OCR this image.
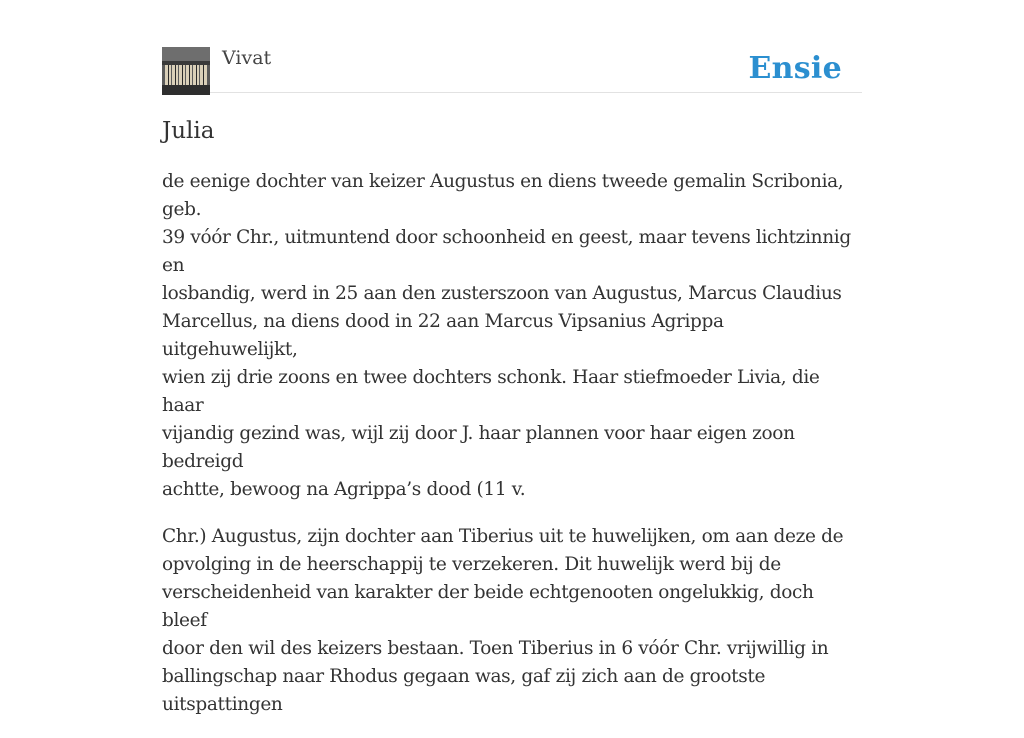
Vivat	Ensie
Julia

de eenige dochter van keizer Augustus en diens tweede gemalin Scribonia, geb.
39 vóór Chr., uitmuntend door schoonheid en geest, maar tevens lichtzinnig en
losbandig, werd in 25 aan den zusterszoon van Augustus, Marcus Claudius
Marcellus, na diens dood in 22 aan Marcus Vipsanius Agrippa uitgehuwelijkt,
wien zij drie zoons en twee dochters schonk. Haar stiefmoeder Livia, die haar
vijandig gezind was, wijl zij door J. haar plannen voor haar eigen zoon bedreigd
achtte, bewoog na Agrippa’s dood (11 v.

Chr.) Augustus, zijn dochter aan Tiberius uit te huwelijken, om aan deze de
opvolging in de heerschappij te verzekeren. Dit huwelijk werd bij de
verscheidenheid van karakter der beide echtgenooten ongelukkig, doch bleef
door den wil des keizers bestaan. Toen Tiberius in 6 vóór Chr. vrijwillig in
ballingschap naar Rhodus gegaan was, gaf zij zich aan de grootste uitspattingen
